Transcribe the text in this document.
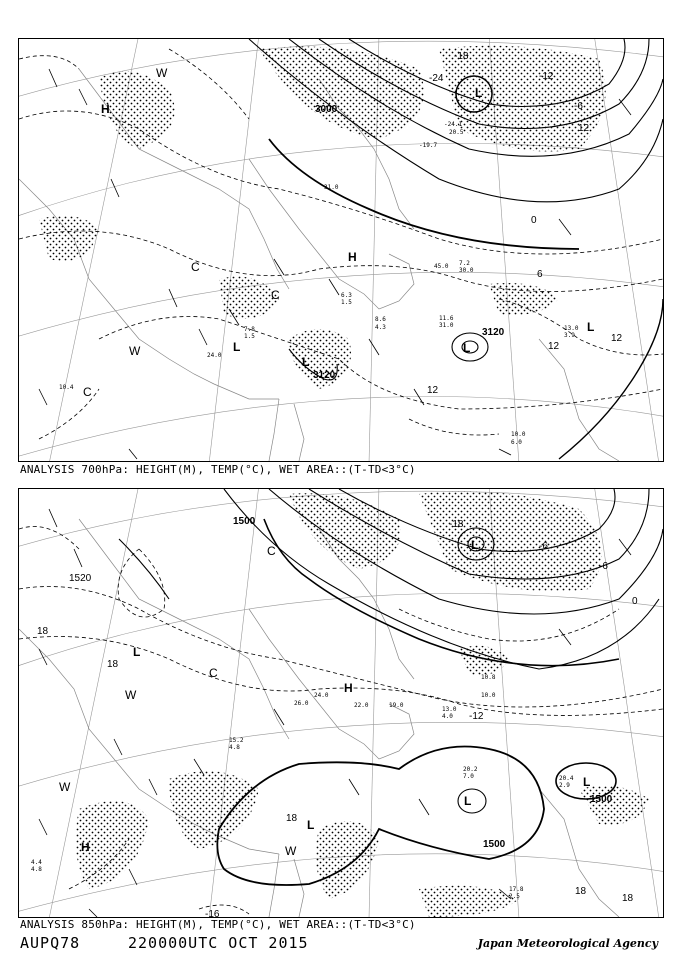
3000
3120
3120
-24
-18
-12
-6
0
6
12
12
12
12
H
H
L
L
L
L
L
W
W
C
C
C
-24.1
20.5
-19.7
31.0
45.0
30.0
7.2
11.6
31.0	13.0
3.9
10.0
6.0
6.3
1.5
8.6
4.3
7.8
1.5
10.4
24.0
ANALYSIS 700hPa: HEIGHT(M), TEMP(°C), WET AREA::(T-TD<3°C)
1500
1500
1500
1520
-18
-12
-6
-6
0
18
18
18
18
18
-16
H
H
L
L
L
L
L
W
W
W
C
C
20.2
7.0	20.4
2.9
17.8
2.5
10.8
10.0
13.0
4.0
15.2
4.8
22.0	19.0
26.0
24.0
4.4
4.8
ANALYSIS 850hPa: HEIGHT(M), TEMP(°C), WET AREA::(T-TD<3°C)
AUPQ78	220000UTC OCT 2015	Japan Meteorological Agency
